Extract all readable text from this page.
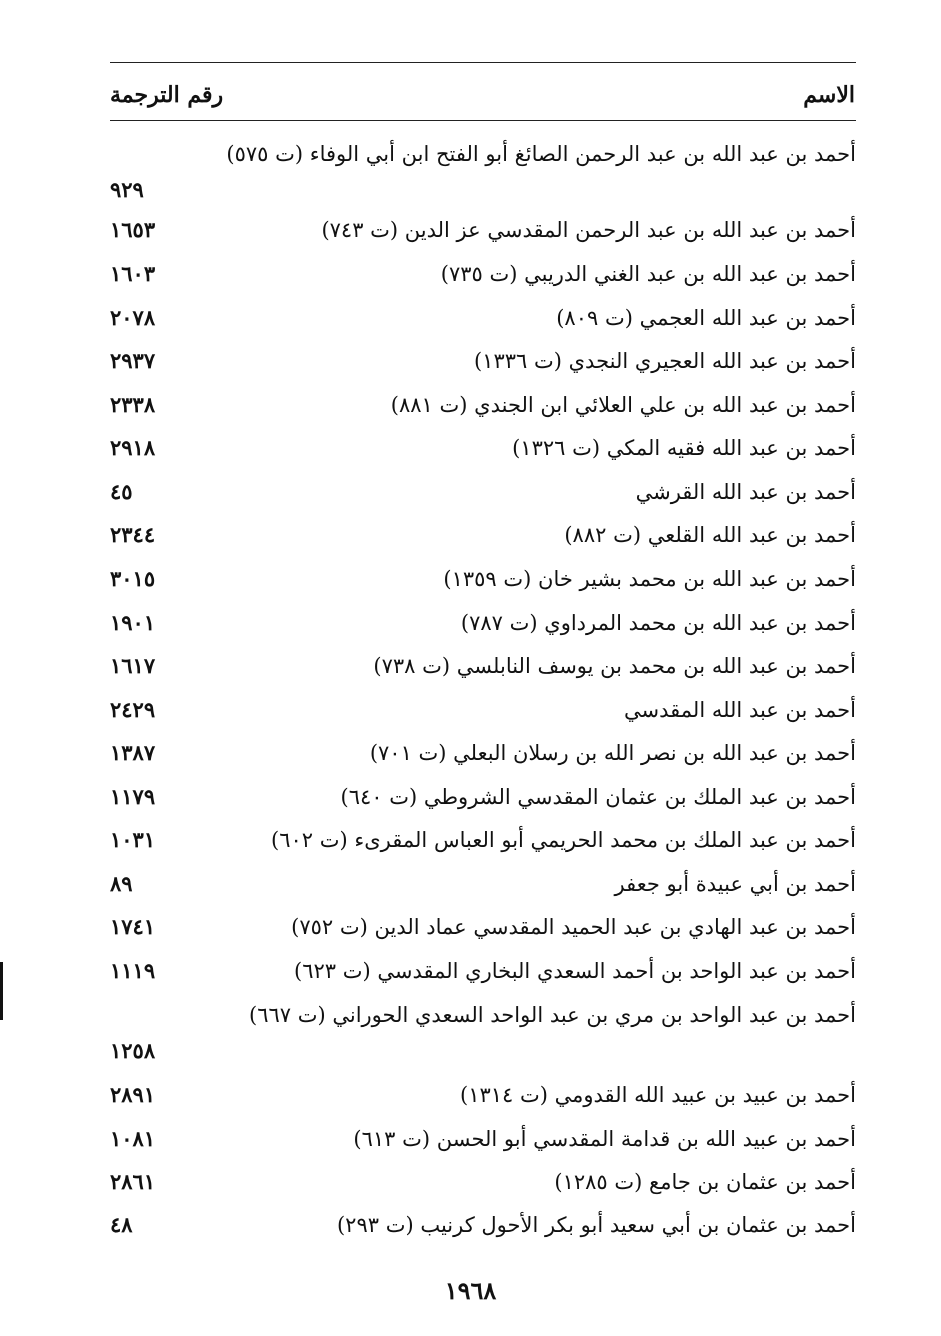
الاسم
رقم الترجمة
أحمد بن عبد الله بن عبد الرحمن الصائغ أبو الفتح ابن أبي الوفاء (ت ٥٧٥)
٩٢٩
أحمد بن عبد الله بن عبد الرحمن المقدسي عز الدين (ت ٧٤٣)
١٦٥٣
أحمد بن عبد الله بن عبد الغني الدريبي (ت ٧٣٥)
١٦٠٣
أحمد بن عبد الله العجمي (ت ٨٠٩)
٢٠٧٨
أحمد بن عبد الله العجيري النجدي (ت ١٣٣٦)
٢٩٣٧
أحمد بن عبد الله بن علي العلائي ابن الجندي (ت ٨٨١)
٢٣٣٨
أحمد بن عبد الله فقيه المكي (ت ١٣٢٦)
٢٩١٨
أحمد بن عبد الله القرشي
٤٥
أحمد بن عبد الله القلعي (ت ٨٨٢)
٢٣٤٤
أحمد بن عبد الله بن محمد بشير خان (ت ١٣٥٩)
٣٠١٥
أحمد بن عبد الله بن محمد المرداوي (ت ٧٨٧)
١٩٠١
أحمد بن عبد الله بن محمد بن يوسف النابلسي (ت ٧٣٨)
١٦١٧
أحمد بن عبد الله المقدسي
٢٤٢٩
أحمد بن عبد الله بن نصر الله بن رسلان البعلي (ت ٧٠١)
١٣٨٧
أحمد بن عبد الملك بن عثمان المقدسي الشروطي (ت ٦٤٠)
١١٧٩
أحمد بن عبد الملك بن محمد الحريمي أبو العباس المقرىء (ت ٦٠٢)
١٠٣١
أحمد بن أبي عبيدة أبو جعفر
٨٩
أحمد بن عبد الهادي بن عبد الحميد المقدسي عماد الدين (ت ٧٥٢)
١٧٤١
أحمد بن عبد الواحد بن أحمد السعدي البخاري المقدسي (ت ٦٢٣)
١١١٩
أحمد بن عبد الواحد بن مري بن عبد الواحد السعدي الحوراني (ت ٦٦٧)
١٢٥٨
أحمد بن عبيد بن عبيد الله القدومي (ت ١٣١٤)
٢٨٩١
أحمد بن عبيد الله بن قدامة المقدسي أبو الحسن (ت ٦١٣)
١٠٨١
أحمد بن عثمان بن جامع (ت ١٢٨٥)
٢٨٦١
أحمد بن عثمان بن أبي سعيد أبو بكر الأحول كرنيب (ت ٢٩٣)
٤٨
١٩٦٨
